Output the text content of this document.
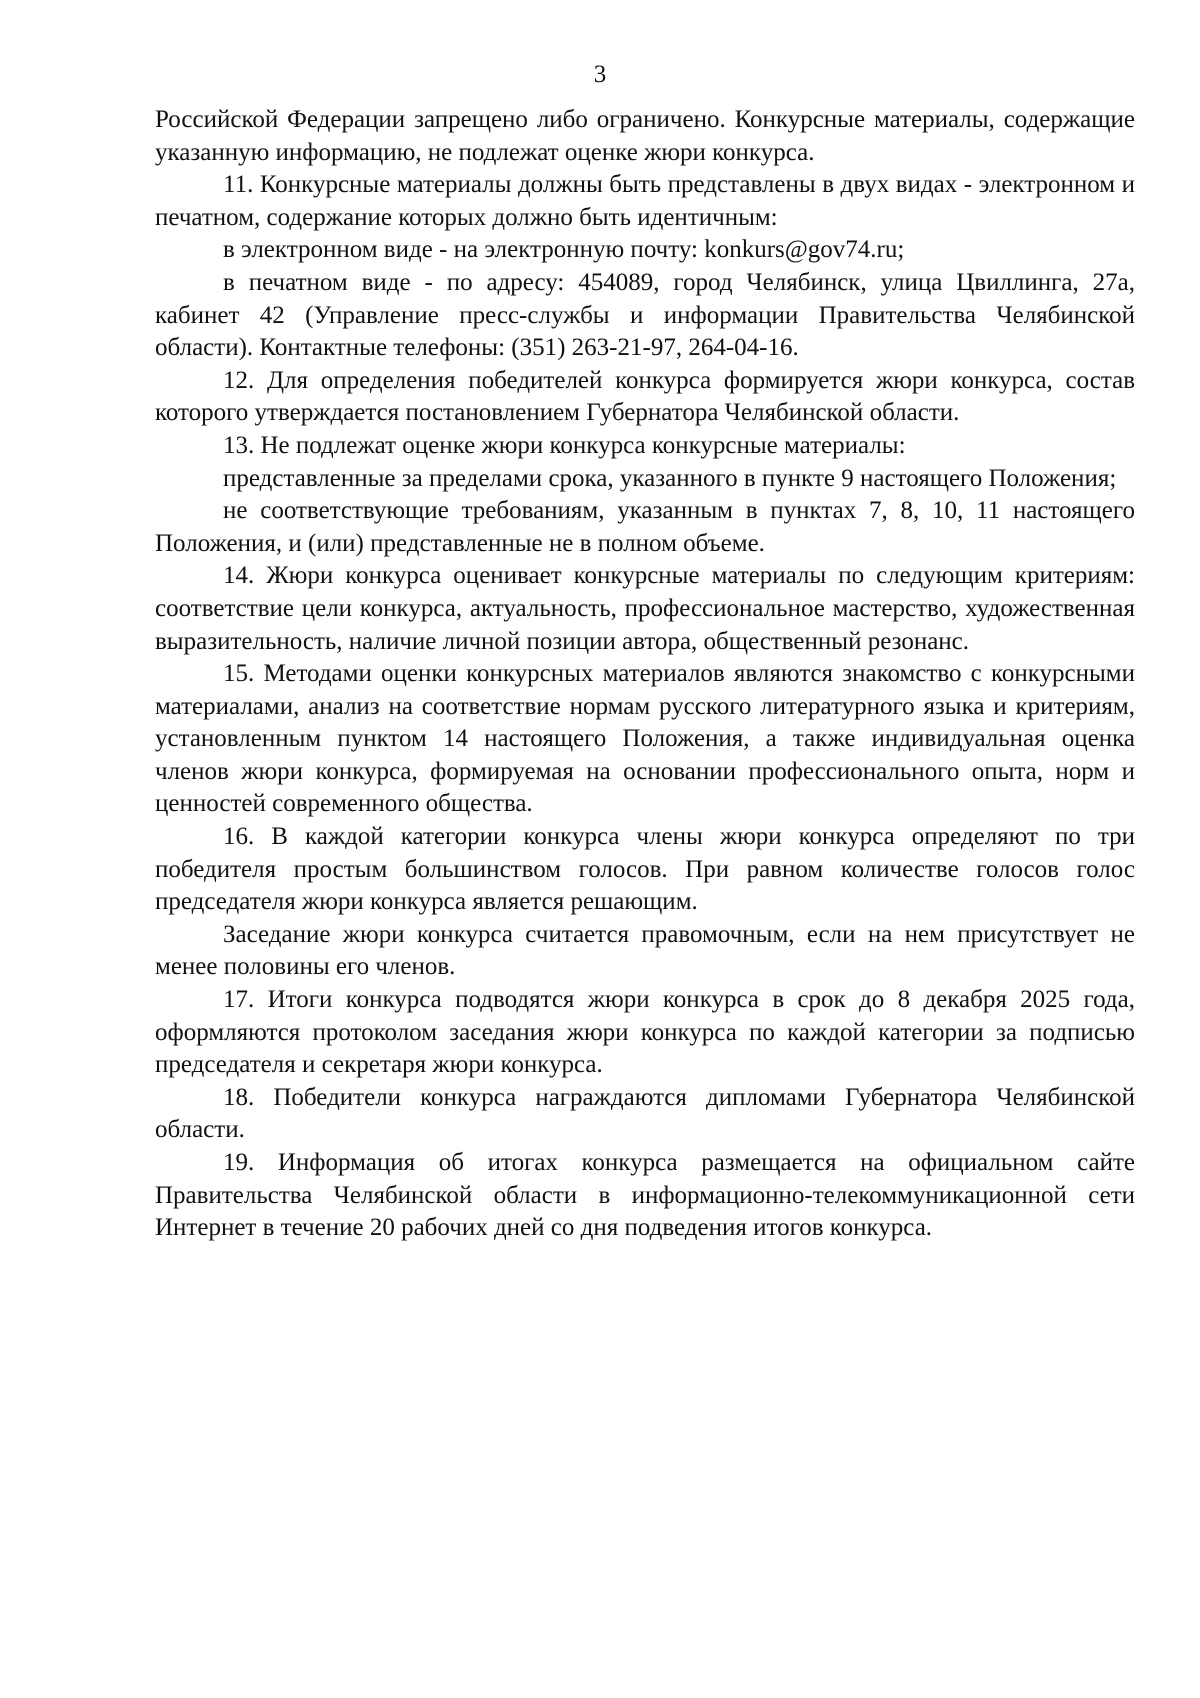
3

Российской Федерации запрещено либо ограничено. Конкурсные материалы, содержащие указанную информацию, не подлежат оценке жюри конкурса.

11. Конкурсные материалы должны быть представлены в двух видах - электронном и печатном, содержание которых должно быть идентичным:

в электронном виде - на электронную почту: konkurs@gov74.ru;

в печатном виде - по адресу: 454089, город Челябинск, улица Цвиллинга, 27а, кабинет 42 (Управление пресс-службы и информации Правительства Челябинской области). Контактные телефоны: (351) 263-21-97, 264-04-16.

12. Для определения победителей конкурса формируется жюри конкурса, состав которого утверждается постановлением Губернатора Челябинской области.

13. Не подлежат оценке жюри конкурса конкурсные материалы:

представленные за пределами срока, указанного в пункте 9 настоящего Положения;

не соответствующие требованиям, указанным в пунктах 7, 8, 10, 11 настоящего Положения, и (или) представленные не в полном объеме.

14. Жюри конкурса оценивает конкурсные материалы по следующим критериям: соответствие цели конкурса, актуальность, профессиональное мастерство, художественная выразительность, наличие личной позиции автора, общественный резонанс.

15. Методами оценки конкурсных материалов являются знакомство с конкурсными материалами, анализ на соответствие нормам русского литературного языка и критериям, установленным пунктом 14 настоящего Положения, а также индивидуальная оценка членов жюри конкурса, формируемая на основании профессионального опыта, норм и ценностей современного общества.

16. В каждой категории конкурса члены жюри конкурса определяют по три победителя простым большинством голосов. При равном количестве голосов голос председателя жюри конкурса является решающим.

Заседание жюри конкурса считается правомочным, если на нем присутствует не менее половины его членов.

17. Итоги конкурса подводятся жюри конкурса в срок до 8 декабря 2025 года, оформляются протоколом заседания жюри конкурса по каждой категории за подписью председателя и секретаря жюри конкурса.

18. Победители конкурса награждаются дипломами Губернатора Челябинской области.

19. Информация об итогах конкурса размещается на официальном сайте Правительства Челябинской области в информационно-телекоммуникационной сети Интернет в течение 20 рабочих дней со дня подведения итогов конкурса.
